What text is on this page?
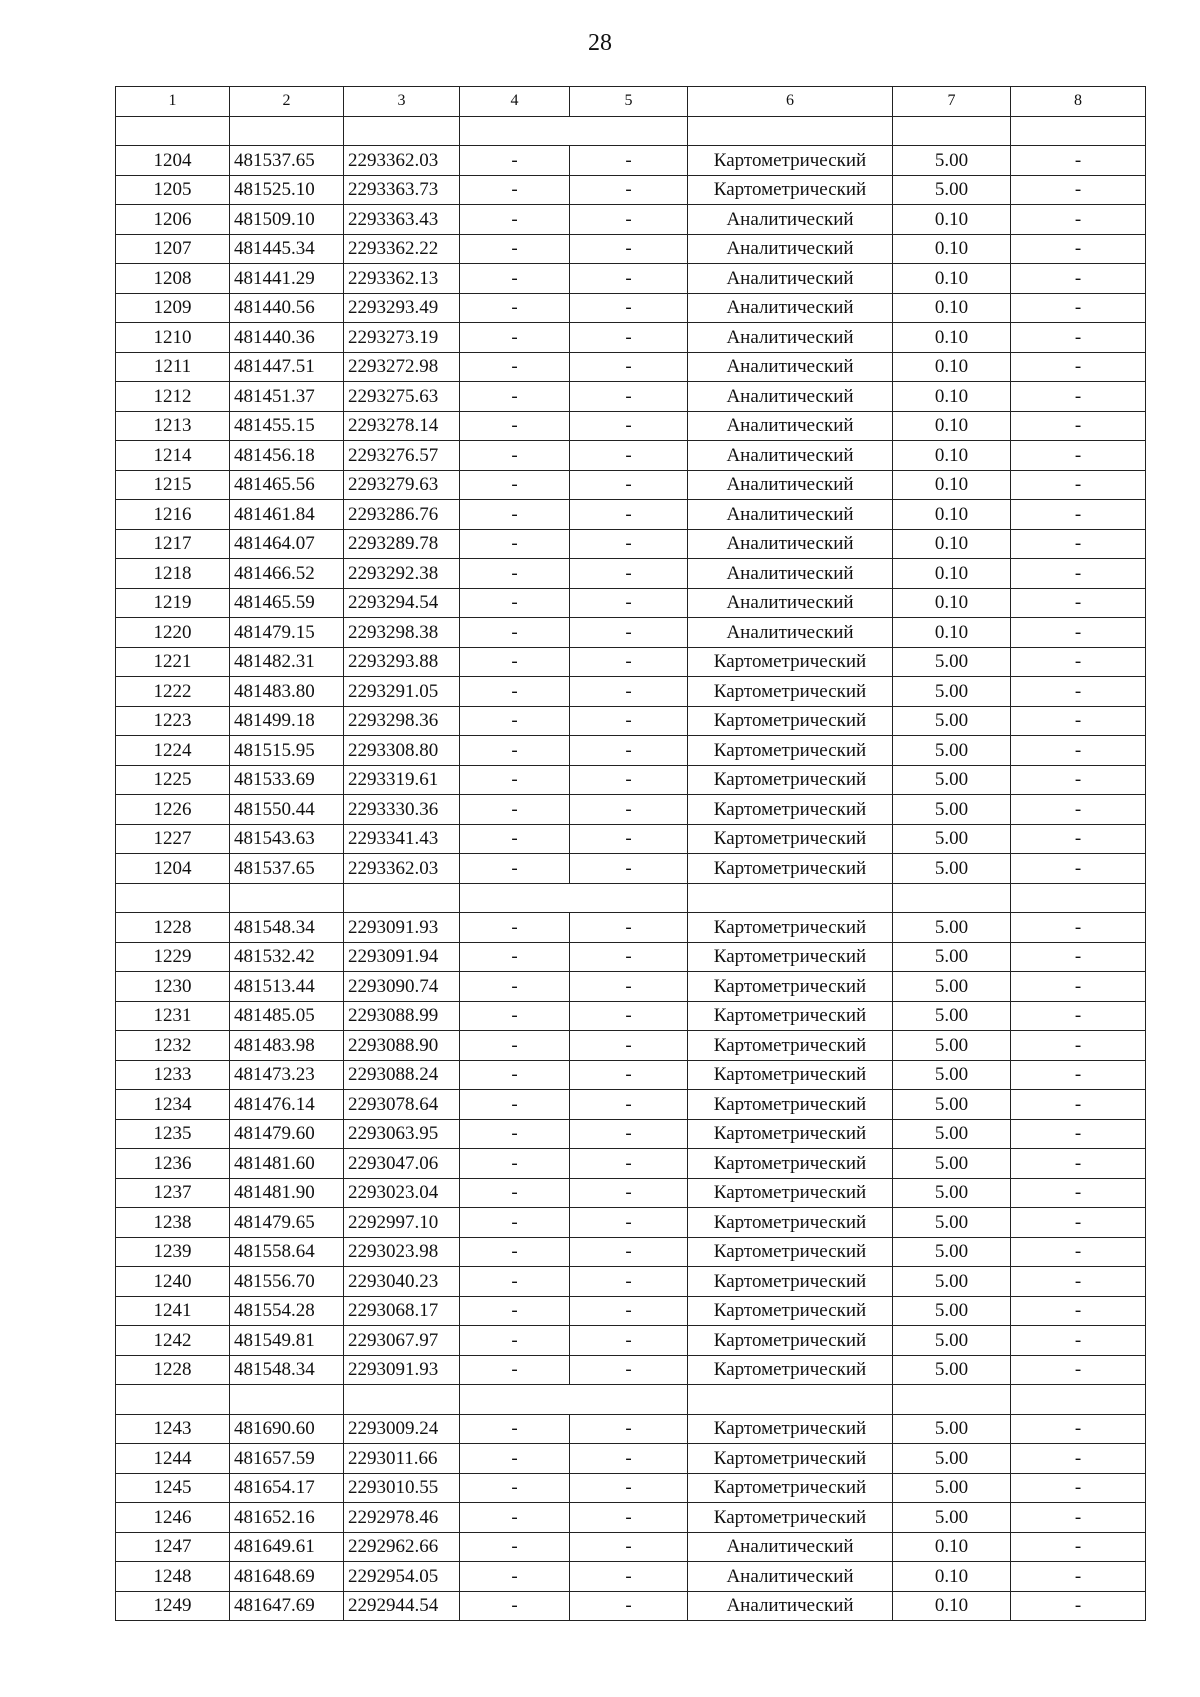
28
1	2	3	4	5	6	7	8

1204	481537.65	2293362.03	-	-	Картометрический	5.00	-
1205	481525.10	2293363.73	-	-	Картометрический	5.00	-
1206	481509.10	2293363.43	-	-	Аналитический	0.10	-
1207	481445.34	2293362.22	-	-	Аналитический	0.10	-
1208	481441.29	2293362.13	-	-	Аналитический	0.10	-
1209	481440.56	2293293.49	-	-	Аналитический	0.10	-
1210	481440.36	2293273.19	-	-	Аналитический	0.10	-
1211	481447.51	2293272.98	-	-	Аналитический	0.10	-
1212	481451.37	2293275.63	-	-	Аналитический	0.10	-
1213	481455.15	2293278.14	-	-	Аналитический	0.10	-
1214	481456.18	2293276.57	-	-	Аналитический	0.10	-
1215	481465.56	2293279.63	-	-	Аналитический	0.10	-
1216	481461.84	2293286.76	-	-	Аналитический	0.10	-
1217	481464.07	2293289.78	-	-	Аналитический	0.10	-
1218	481466.52	2293292.38	-	-	Аналитический	0.10	-
1219	481465.59	2293294.54	-	-	Аналитический	0.10	-
1220	481479.15	2293298.38	-	-	Аналитический	0.10	-
1221	481482.31	2293293.88	-	-	Картометрический	5.00	-
1222	481483.80	2293291.05	-	-	Картометрический	5.00	-
1223	481499.18	2293298.36	-	-	Картометрический	5.00	-
1224	481515.95	2293308.80	-	-	Картометрический	5.00	-
1225	481533.69	2293319.61	-	-	Картометрический	5.00	-
1226	481550.44	2293330.36	-	-	Картометрический	5.00	-
1227	481543.63	2293341.43	-	-	Картометрический	5.00	-
1204	481537.65	2293362.03	-	-	Картометрический	5.00	-

1228	481548.34	2293091.93	-	-	Картометрический	5.00	-
1229	481532.42	2293091.94	-	-	Картометрический	5.00	-
1230	481513.44	2293090.74	-	-	Картометрический	5.00	-
1231	481485.05	2293088.99	-	-	Картометрический	5.00	-
1232	481483.98	2293088.90	-	-	Картометрический	5.00	-
1233	481473.23	2293088.24	-	-	Картометрический	5.00	-
1234	481476.14	2293078.64	-	-	Картометрический	5.00	-
1235	481479.60	2293063.95	-	-	Картометрический	5.00	-
1236	481481.60	2293047.06	-	-	Картометрический	5.00	-
1237	481481.90	2293023.04	-	-	Картометрический	5.00	-
1238	481479.65	2292997.10	-	-	Картометрический	5.00	-
1239	481558.64	2293023.98	-	-	Картометрический	5.00	-
1240	481556.70	2293040.23	-	-	Картометрический	5.00	-
1241	481554.28	2293068.17	-	-	Картометрический	5.00	-
1242	481549.81	2293067.97	-	-	Картометрический	5.00	-
1228	481548.34	2293091.93	-	-	Картометрический	5.00	-

1243	481690.60	2293009.24	-	-	Картометрический	5.00	-
1244	481657.59	2293011.66	-	-	Картометрический	5.00	-
1245	481654.17	2293010.55	-	-	Картометрический	5.00	-
1246	481652.16	2292978.46	-	-	Картометрический	5.00	-
1247	481649.61	2292962.66	-	-	Аналитический	0.10	-
1248	481648.69	2292954.05	-	-	Аналитический	0.10	-
1249	481647.69	2292944.54	-	-	Аналитический	0.10	-
